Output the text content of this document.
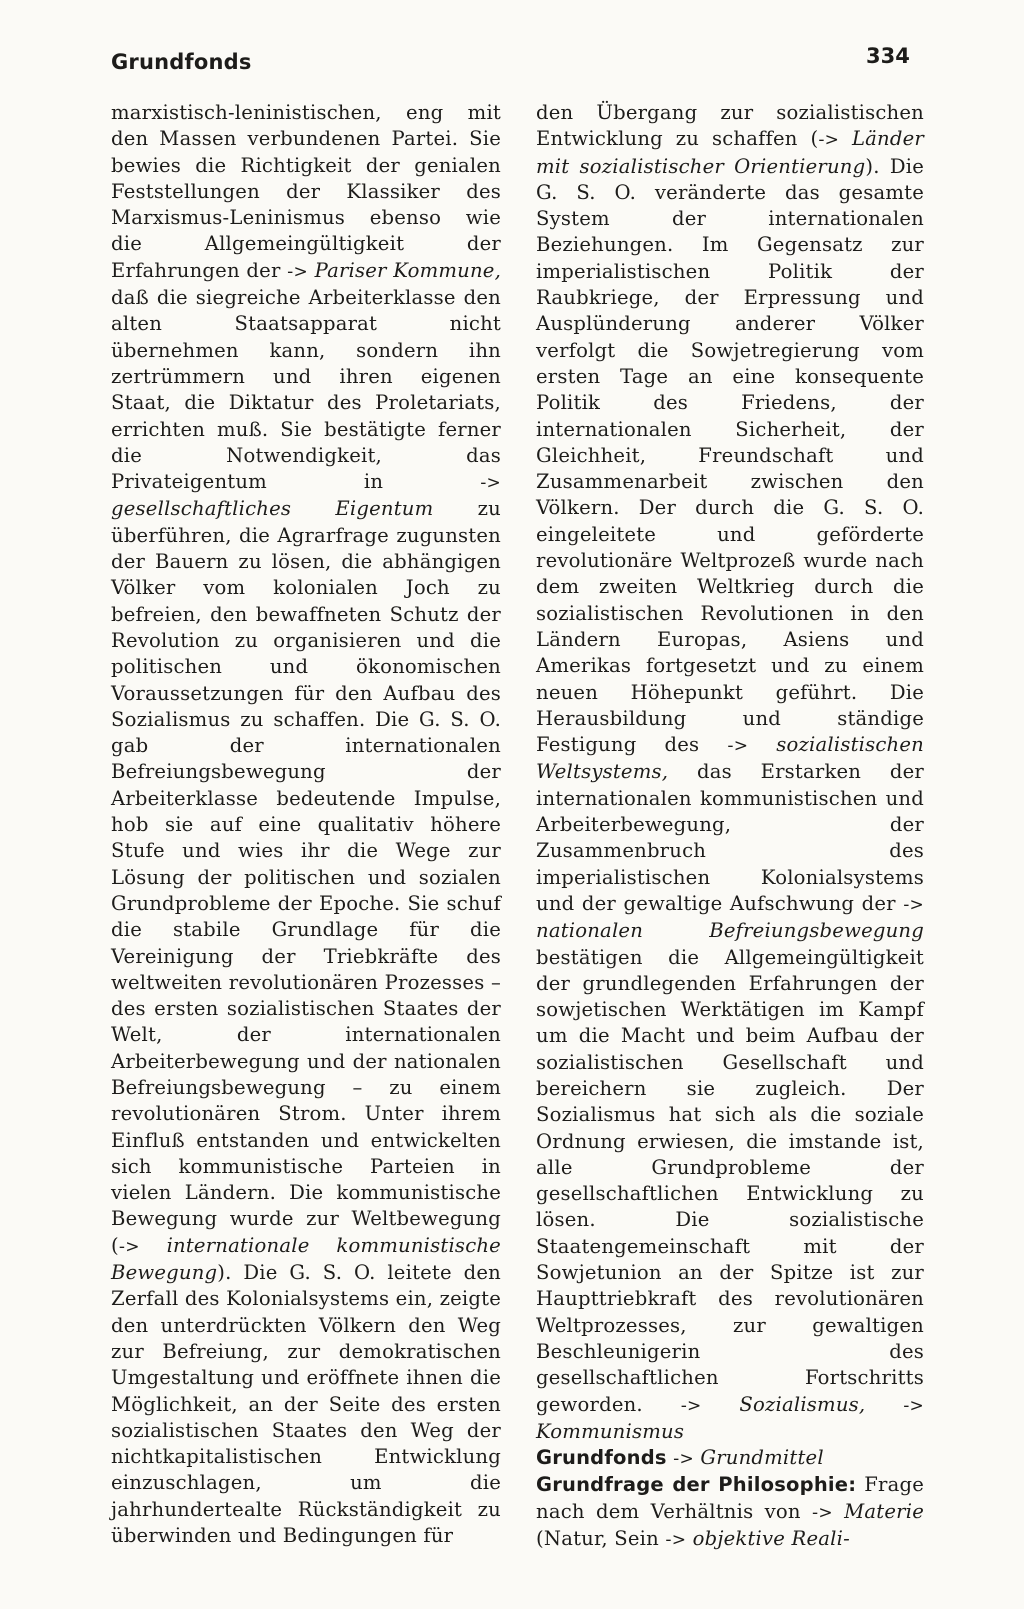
Grundfonds	334

marxistisch-leninistischen, eng mit den Massen verbundenen Partei. Sie bewies die Richtigkeit der genialen Feststellungen der Klassiker des Marxismus-Leninismus ebenso wie die Allgemeingültigkeit der Erfahrungen der -> Pariser Kommune, daß die siegreiche Arbeiterklasse den alten Staatsapparat nicht übernehmen kann, sondern ihn zertrümmern und ihren eigenen Staat, die Diktatur des Proletariats, errichten muß. Sie bestätigte ferner die Notwendigkeit, das Privateigentum in -> gesellschaftliches Eigentum zu überführen, die Agrarfrage zugunsten der Bauern zu lösen, die abhängigen Völker vom kolonialen Joch zu befreien, den bewaffneten Schutz der Revolution zu organisieren und die politischen und ökonomischen Voraussetzungen für den Aufbau des Sozialismus zu schaffen. Die G. S. O. gab der internationalen Befreiungsbewegung der Arbeiterklasse bedeutende Impulse, hob sie auf eine qualitativ höhere Stufe und wies ihr die Wege zur Lösung der politischen und sozialen Grundprobleme der Epoche. Sie schuf die stabile Grundlage für die Vereinigung der Triebkräfte des weltweiten revolutionären Prozesses – des ersten sozialistischen Staates der Welt, der internationalen Arbeiterbewegung und der nationalen Befreiungsbewegung – zu einem revolutionären Strom. Unter ihrem Einfluß entstanden und entwickelten sich kommunistische Parteien in vielen Ländern. Die kommunistische Bewegung wurde zur Weltbewegung (-> internationale kommunistische Bewegung). Die G. S. O. leitete den Zerfall des Kolonialsystems ein, zeigte den unterdrückten Völkern den Weg zur Befreiung, zur demokratischen Umgestaltung und eröffnete ihnen die Möglichkeit, an der Seite des ersten sozialistischen Staates den Weg der nichtkapitalistischen Entwicklung einzuschlagen, um die jahrhundertealte Rückständigkeit zu überwinden und Bedingungen für

den Übergang zur sozialistischen Entwicklung zu schaffen (-> Länder mit sozialistischer Orientierung). Die G. S. O. veränderte das gesamte System der internationalen Beziehungen. Im Gegensatz zur imperialistischen Politik der Raubkriege, der Erpressung und Ausplünderung anderer Völker verfolgt die Sowjetregierung vom ersten Tage an eine konsequente Politik des Friedens, der internationalen Sicherheit, der Gleichheit, Freundschaft und Zusammenarbeit zwischen den Völkern. Der durch die G. S. O. eingeleitete und geförderte revolutionäre Weltprozeß wurde nach dem zweiten Weltkrieg durch die sozialistischen Revolutionen in den Ländern Europas, Asiens und Amerikas fortgesetzt und zu einem neuen Höhepunkt geführt. Die Herausbildung und ständige Festigung des -> sozialistischen Weltsystems, das Erstarken der internationalen kommunistischen und Arbeiterbewegung, der Zusammenbruch des imperialistischen Kolonialsystems und der gewaltige Aufschwung der -> nationalen Befreiungsbewegung bestätigen die Allgemeingültigkeit der grundlegenden Erfahrungen der sowjetischen Werktätigen im Kampf um die Macht und beim Aufbau der sozialistischen Gesellschaft und bereichern sie zugleich. Der Sozialismus hat sich als die soziale Ordnung erwiesen, die imstande ist, alle Grundprobleme der gesellschaftlichen Entwicklung zu lösen. Die sozialistische Staatengemeinschaft mit der Sowjetunion an der Spitze ist zur Haupttriebkraft des revolutionären Weltprozesses, zur gewaltigen Beschleunigerin des gesellschaftlichen Fortschritts geworden. -> Sozialismus, -> Kommunismus

Grundfonds -> Grundmittel

Grundfrage der Philosophie: Frage nach dem Verhältnis von -> Materie (Natur, Sein -> objektive Reali-
